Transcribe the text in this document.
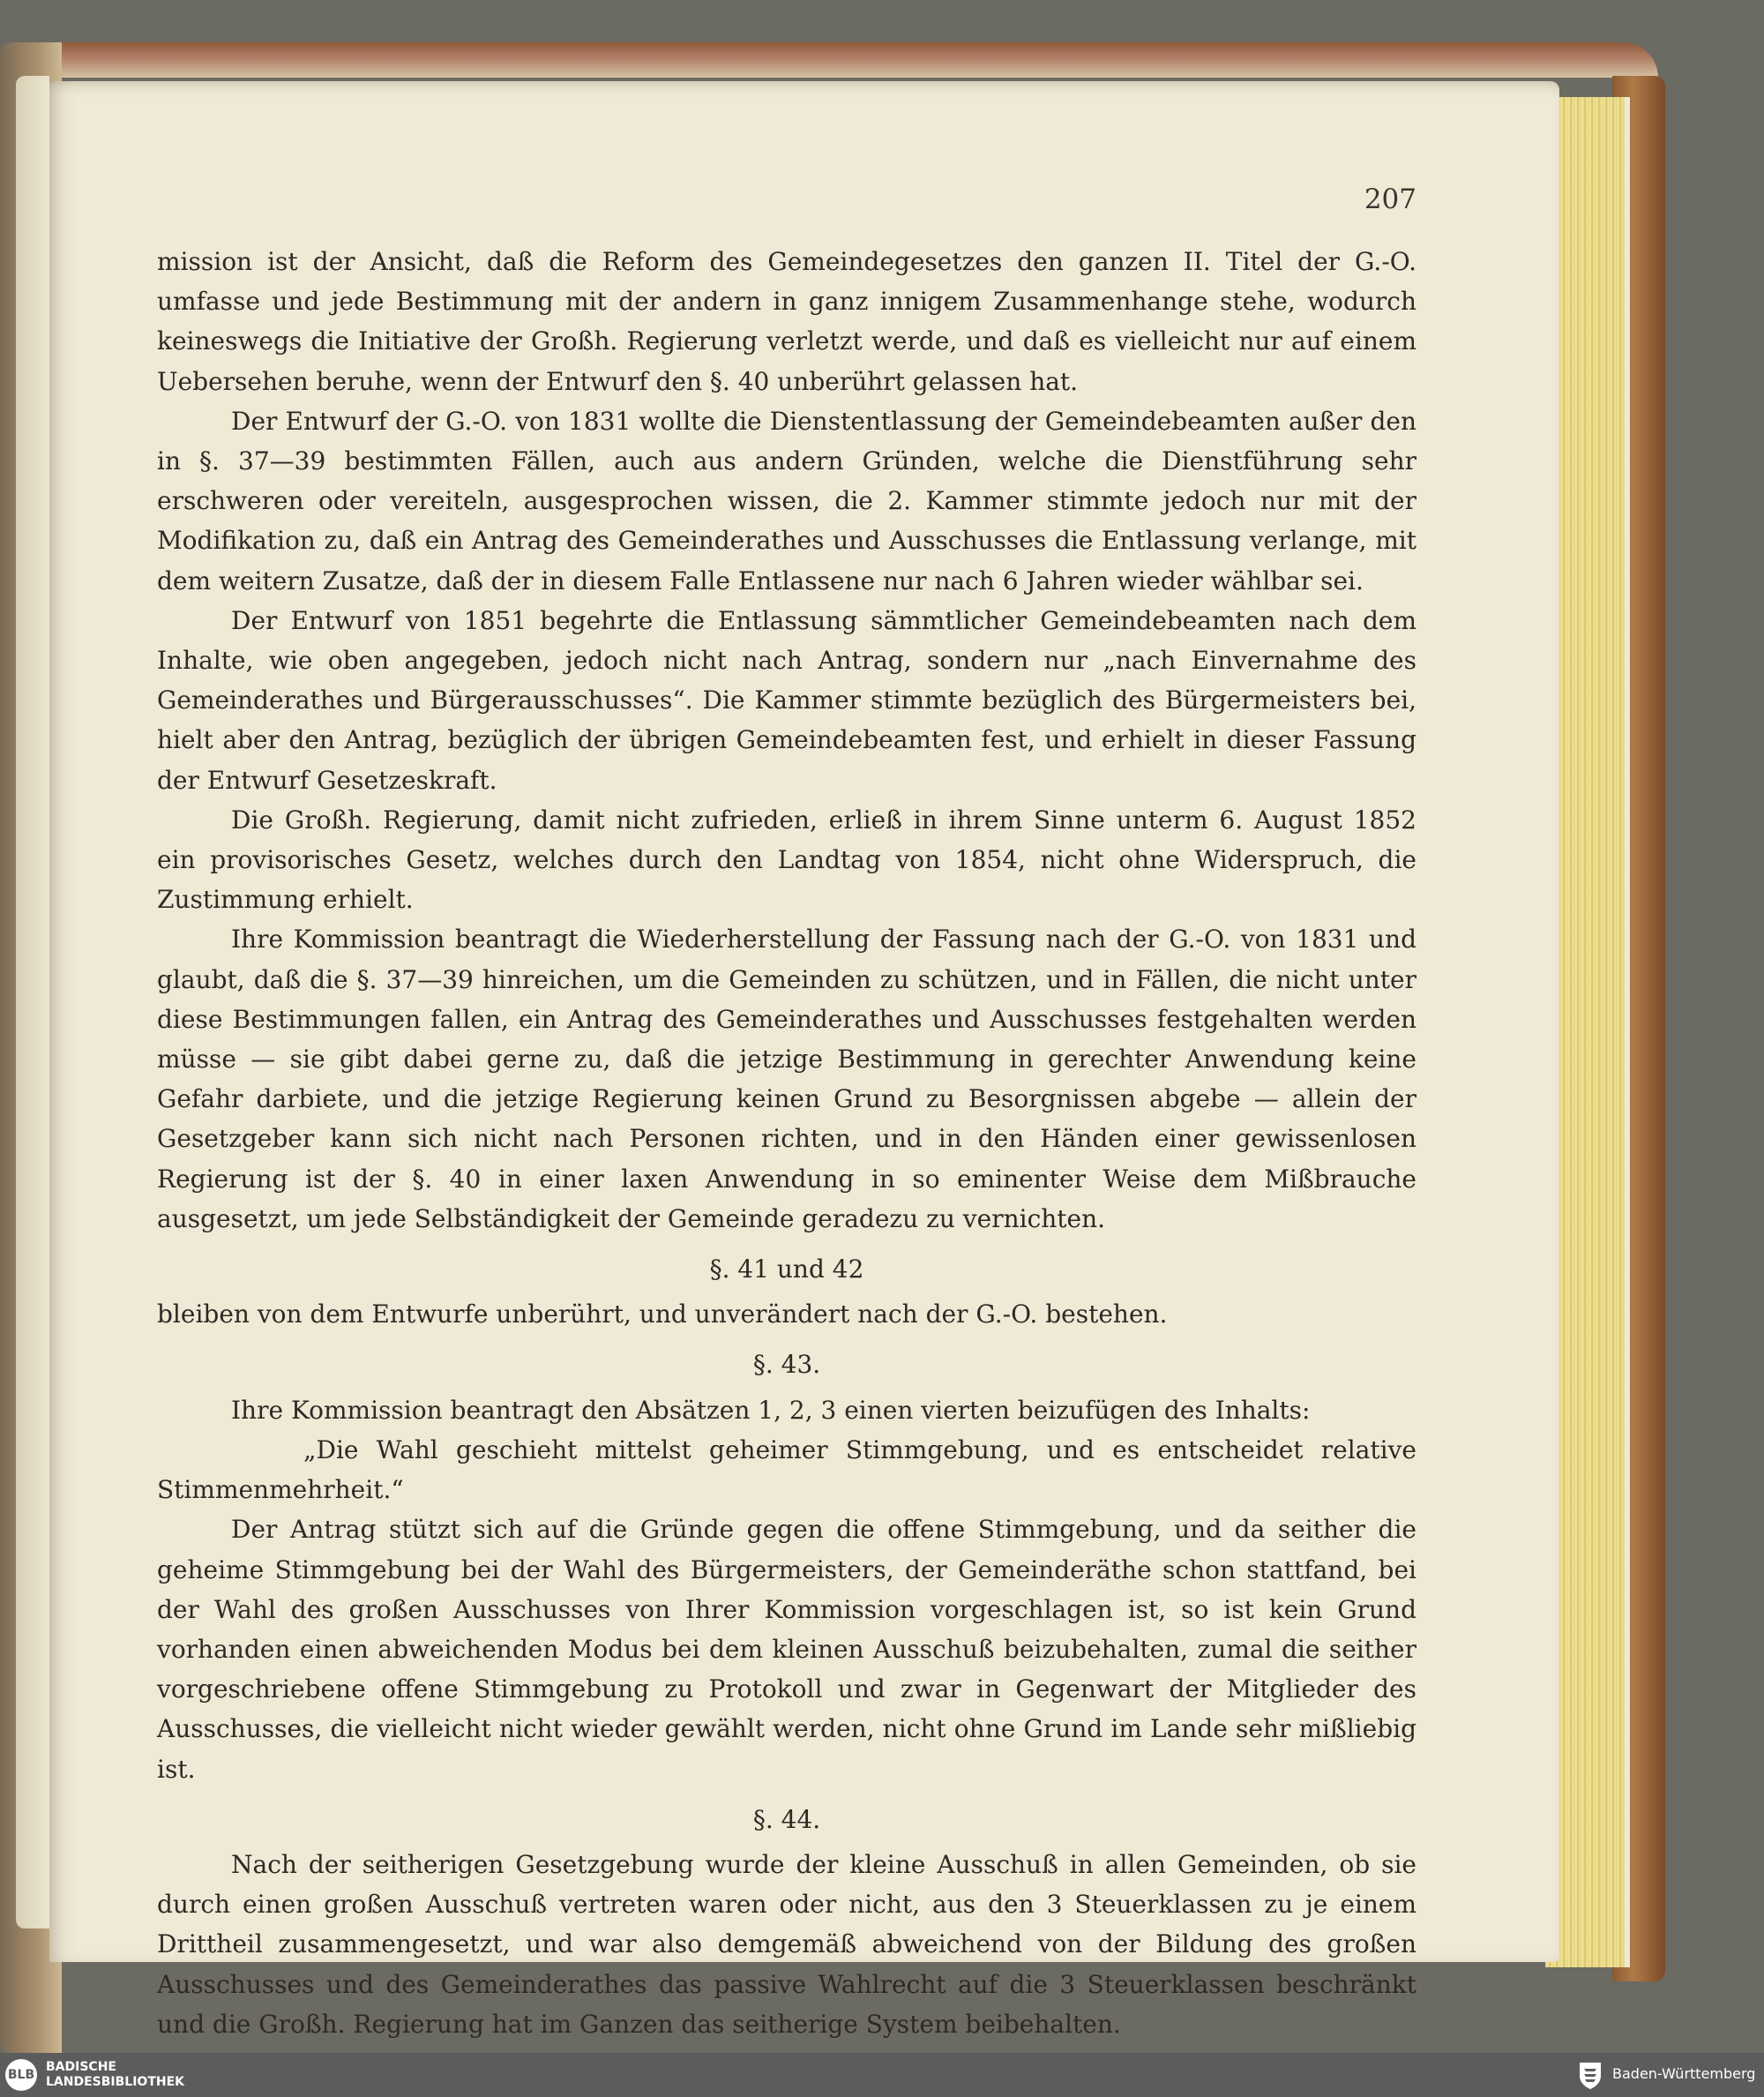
207

mission ist der Ansicht, daß die Reform des Gemeindegesetzes den ganzen II. Titel der G.-O. umfasse und jede Bestimmung mit der andern in ganz innigem Zusammenhange stehe, wodurch keineswegs die Initiative der Großh. Regierung verletzt werde, und daß es vielleicht nur auf einem Uebersehen beruhe, wenn der Entwurf den §. 40 unberührt gelassen hat.

Der Entwurf der G.-O. von 1831 wollte die Dienstentlassung der Gemeindebeamten außer den in §. 37—39 bestimmten Fällen, auch aus andern Gründen, welche die Dienstführung sehr erschweren oder vereiteln, ausgesprochen wissen, die 2. Kammer stimmte jedoch nur mit der Modifikation zu, daß ein Antrag des Gemeinderathes und Ausschusses die Entlassung verlange, mit dem weitern Zusatze, daß der in diesem Falle Entlassene nur nach 6 Jahren wieder wählbar sei.

Der Entwurf von 1851 begehrte die Entlassung sämmtlicher Gemeindebeamten nach dem Inhalte, wie oben angegeben, jedoch nicht nach Antrag, sondern nur „nach Einvernahme des Gemeinderathes und Bürgerausschusses“. Die Kammer stimmte bezüglich des Bürgermeisters bei, hielt aber den Antrag, bezüglich der übrigen Gemeindebeamten fest, und erhielt in dieser Fassung der Entwurf Gesetzeskraft.

Die Großh. Regierung, damit nicht zufrieden, erließ in ihrem Sinne unterm 6. August 1852 ein provisorisches Gesetz, welches durch den Landtag von 1854, nicht ohne Widerspruch, die Zustimmung erhielt.

Ihre Kommission beantragt die Wiederherstellung der Fassung nach der G.-O. von 1831 und glaubt, daß die §. 37—39 hinreichen, um die Gemeinden zu schützen, und in Fällen, die nicht unter diese Bestimmungen fallen, ein Antrag des Gemeinderathes und Ausschusses festgehalten werden müsse — sie gibt dabei gerne zu, daß die jetzige Bestimmung in gerechter Anwendung keine Gefahr darbiete, und die jetzige Regierung keinen Grund zu Besorgnissen abgebe — allein der Gesetzgeber kann sich nicht nach Personen richten, und in den Händen einer gewissenlosen Regierung ist der §. 40 in einer laxen Anwendung in so eminenter Weise dem Mißbrauche ausgesetzt, um jede Selbständigkeit der Gemeinde geradezu zu vernichten.

§. 41 und 42

bleiben von dem Entwurfe unberührt, und unverändert nach der G.-O. bestehen.

§. 43.

Ihre Kommission beantragt den Absätzen 1, 2, 3 einen vierten beizufügen des Inhalts:

„Die Wahl geschieht mittelst geheimer Stimmgebung, und es entscheidet relative Stimmenmehrheit.“

Der Antrag stützt sich auf die Gründe gegen die offene Stimmgebung, und da seither die geheime Stimmgebung bei der Wahl des Bürgermeisters, der Gemeinderäthe schon stattfand, bei der Wahl des großen Ausschusses von Ihrer Kommission vorgeschlagen ist, so ist kein Grund vorhanden einen abweichenden Modus bei dem kleinen Ausschuß beizubehalten, zumal die seither vorgeschriebene offene Stimmgebung zu Protokoll und zwar in Gegenwart der Mitglieder des Ausschusses, die vielleicht nicht wieder gewählt werden, nicht ohne Grund im Lande sehr mißliebig ist.

§. 44.

Nach der seitherigen Gesetzgebung wurde der kleine Ausschuß in allen Gemeinden, ob sie durch einen großen Ausschuß vertreten waren oder nicht, aus den 3 Steuerklassen zu je einem Drittheil zusammengesetzt, und war also demgemäß abweichend von der Bildung des großen Ausschusses und des Gemeinderathes das passive Wahlrecht auf die 3 Steuerklassen beschränkt und die Großh. Regierung hat im Ganzen das seitherige System beibehalten.

BLB
BADISCHE
LANDESBIBLIOTHEK	Baden-Württemberg
